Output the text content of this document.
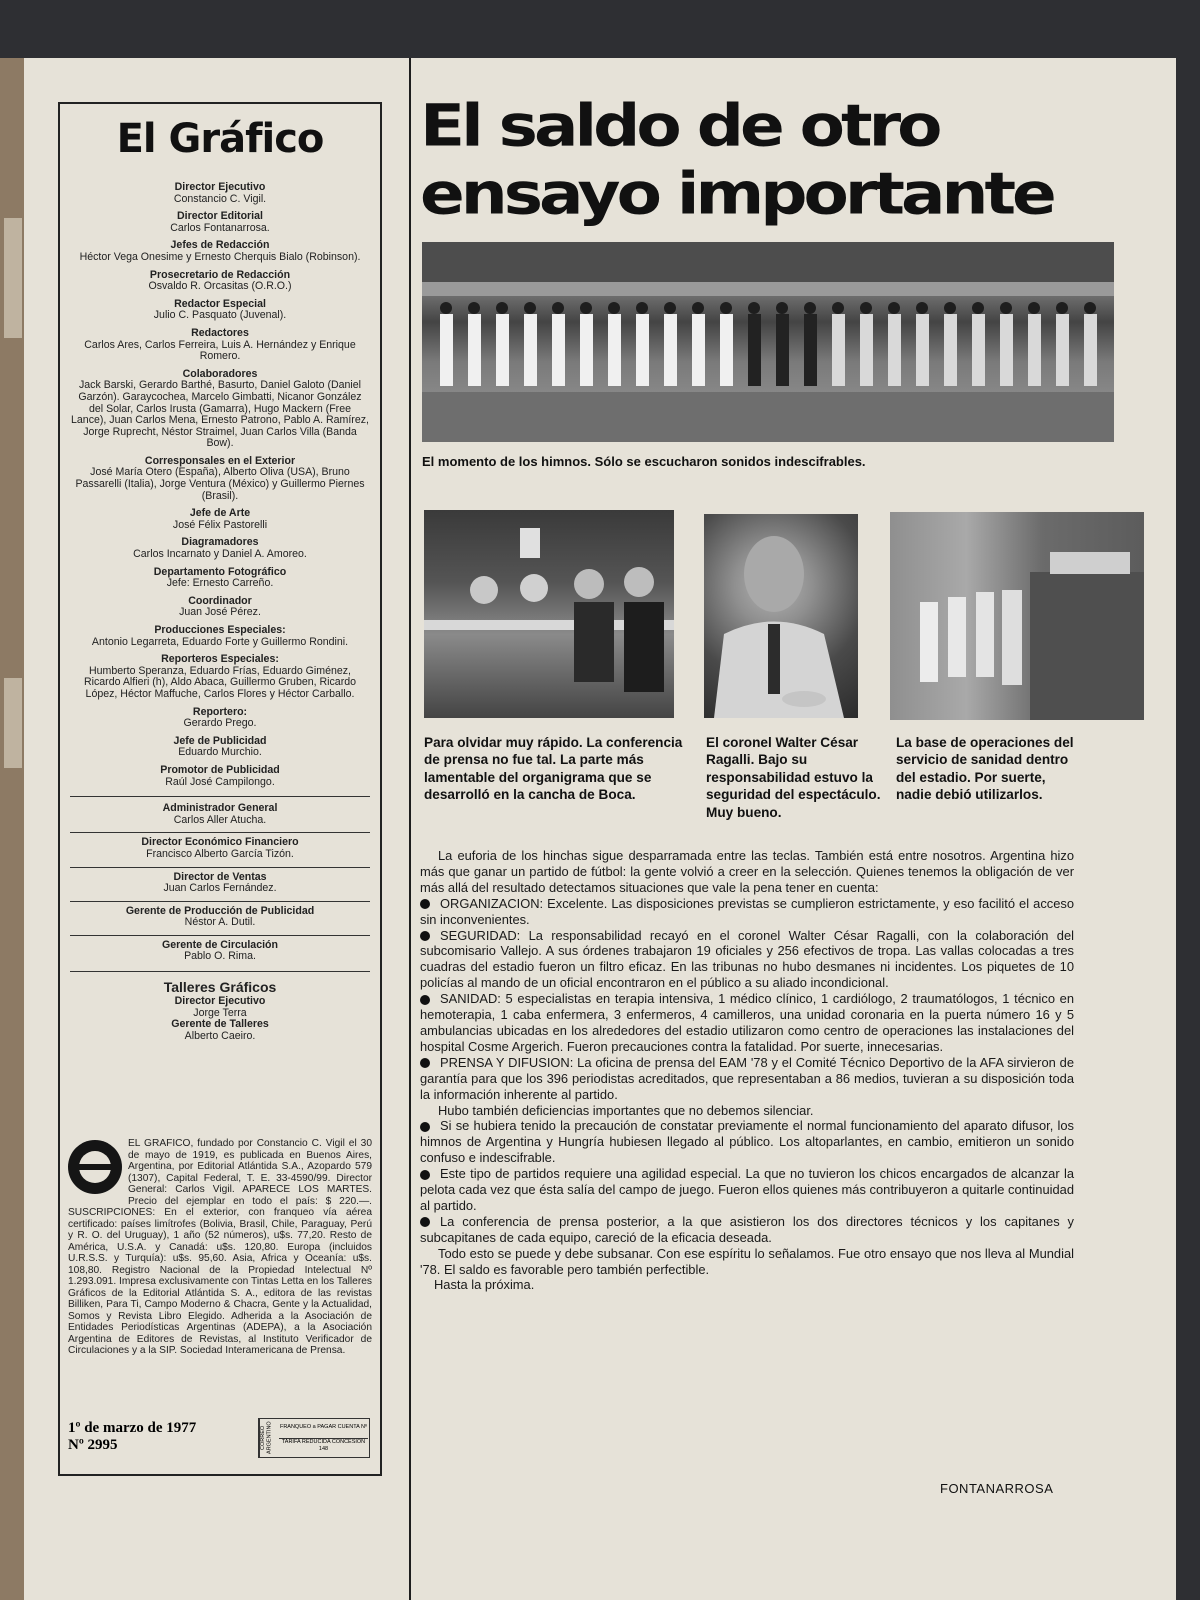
El Gráfico
Director Ejecutivo
Constancio C. Vigil.
Director Editorial
Carlos Fontanarrosa.
Jefes de Redacción
Héctor Vega Onesime y Ernesto Cherquis Bialo (Robinson).
Prosecretario de Redacción
Osvaldo R. Orcasitas (O.R.O.)
Redactor Especial
Julio C. Pasquato (Juvenal).
Redactores
Carlos Ares, Carlos Ferreira, Luis A. Hernández y Enrique Romero.
Colaboradores
Jack Barski, Gerardo Barthé, Basurto, Daniel Galoto (Daniel Garzón). Garaycochea, Marcelo Gimbatti, Nicanor González del Solar, Carlos Irusta (Gamarra), Hugo Mackern (Free Lance), Juan Carlos Mena, Ernesto Patrono, Pablo A. Ramírez, Jorge Ruprecht, Néstor Straimel, Juan Carlos Villa (Banda Bow).
Corresponsales en el Exterior
José María Otero (España), Alberto Oliva (USA), Bruno Passarelli (Italia), Jorge Ventura (México) y Guillermo Piernes (Brasil).
Jefe de Arte
José Félix Pastorelli
Diagramadores
Carlos Incarnato y Daniel A. Amoreo.
Departamento Fotográfico
Jefe: Ernesto Carreño.
Coordinador
Juan José Pérez.
Producciones Especiales:
Antonio Legarreta, Eduardo Forte y Guillermo Rondini.
Reporteros Especiales:
Humberto Speranza, Eduardo Frías, Eduardo Giménez, Ricardo Alfieri (h), Aldo Abaca, Guillermo Gruben, Ricardo López, Héctor Maffuche, Carlos Flores y Héctor Carballo.
Reportero:
Gerardo Prego.
Jefe de Publicidad
Eduardo Murchio.
Promotor de Publicidad
Raúl José Campilongo.
Administrador General
Carlos Aller Atucha.
Director Económico Financiero
Francisco Alberto García Tizón.
Director de Ventas
Juan Carlos Fernández.
Gerente de Producción de Publicidad
Néstor A. Dutil.
Gerente de Circulación
Pablo O. Rima.
Talleres Gráficos
Director Ejecutivo
Jorge Terra
Gerente de Talleres
Alberto Caeiro.
EL GRAFICO, fundado por Constancio C. Vigil el 30 de mayo de 1919, es publicada en Buenos Aires, Argentina, por Editorial Atlántida S.A., Azopardo 579 (1307), Capital Federal, T. E. 33-4590/99. Director General: Carlos Vigil. APARECE LOS MARTES. Precio del ejemplar en todo el país: $ 220.—. SUSCRIPCIONES: En el exterior, con franqueo vía aérea certificado: países limítrofes (Bolivia, Brasil, Chile, Paraguay, Perú y R. O. del Uruguay), 1 año (52 números), u$s. 77,20. Resto de América, U.S.A. y Canadá: u$s. 120,80. Europa (incluidos U.R.S.S. y Turquía): u$s. 95,60. Asia, Africa y Oceanía: u$s. 108,80. Registro Nacional de la Propiedad Intelectual Nº 1.293.091. Impresa exclusivamente con Tintas Letta en los Talleres Gráficos de la Editorial Atlántida S. A., editora de las revistas Billiken, Para Ti, Campo Moderno & Chacra, Gente y la Actualidad, Somos y Revista Libro Elegido. Adherida a la Asociación de Entidades Periodísticas Argentinas (ADEPA), a la Asociación Argentina de Editores de Revistas, al Instituto Verificador de Circulaciones y a la SIP. Sociedad Interamericana de Prensa.
1º de marzo de 1977
Nº 2995	CORREO ARGENTINO	FRANQUEO a PAGAR CUENTA Nº
TARIFA REDUCIDA CONCESION 148
El saldo de otro
ensayo importante
El momento de los himnos. Sólo se escucharon sonidos indescifrables.
Para olvidar muy rápido. La conferencia de prensa no fue tal. La parte más lamentable del organigrama que se desarrolló en la cancha de Boca.
El coronel Walter César Ragalli. Bajo su responsabilidad estuvo la seguridad del espectáculo. Muy bueno.
La base de operaciones del servicio de sanidad dentro del estadio. Por suerte, nadie debió utilizarlos.

La euforia de los hinchas sigue desparramada entre las teclas. También está entre nosotros. Argentina hizo más que ganar un partido de fútbol: la gente volvió a creer en la selección. Quienes tenemos la obligación de ver más allá del resultado detectamos situaciones que vale la pena tener en cuenta:

ORGANIZACION: Excelente. Las disposiciones previstas se cumplieron estrictamente, y eso facilitó el acceso sin inconvenientes.

SEGURIDAD: La responsabilidad recayó en el coronel Walter César Ragalli, con la colaboración del subcomisario Vallejo. A sus órdenes trabajaron 19 oficiales y 256 efectivos de tropa. Las vallas colocadas a tres cuadras del estadio fueron un filtro eficaz. En las tribunas no hubo desmanes ni incidentes. Los piquetes de 10 policías al mando de un oficial encontraron en el público a su aliado incondicional.

SANIDAD: 5 especialistas en terapia intensiva, 1 médico clínico, 1 cardiólogo, 2 traumatólogos, 1 técnico en hemoterapia, 1 caba enfermera, 3 enfermeros, 4 camilleros, una unidad coronaria en la puerta número 16 y 5 ambulancias ubicadas en los alrededores del estadio utilizaron como centro de operaciones las instalaciones del hospital Cosme Argerich. Fueron precauciones contra la fatalidad. Por suerte, innecesarias.

PRENSA Y DIFUSION: La oficina de prensa del EAM '78 y el Comité Técnico Deportivo de la AFA sirvieron de garantía para que los 396 periodistas acreditados, que representaban a 86 medios, tuvieran a su disposición toda la información inherente al partido.

Hubo también deficiencias importantes que no debemos silenciar.

Si se hubiera tenido la precaución de constatar previamente el normal funcionamiento del aparato difusor, los himnos de Argentina y Hungría hubiesen llegado al público. Los altoparlantes, en cambio, emitieron un sonido confuso e indescifrable.

Este tipo de partidos requiere una agilidad especial. La que no tuvieron los chicos encargados de alcanzar la pelota cada vez que ésta salía del campo de juego. Fueron ellos quienes más contribuyeron a quitarle continuidad al partido.

La conferencia de prensa posterior, a la que asistieron los dos directores técnicos y los capitanes y subcapitanes de cada equipo, careció de la eficacia deseada.

Todo esto se puede y debe subsanar. Con ese espíritu lo señalamos. Fue otro ensayo que nos lleva al Mundial '78. El saldo es favorable pero también perfectible.

Hasta la próxima.

FONTANARROSA
